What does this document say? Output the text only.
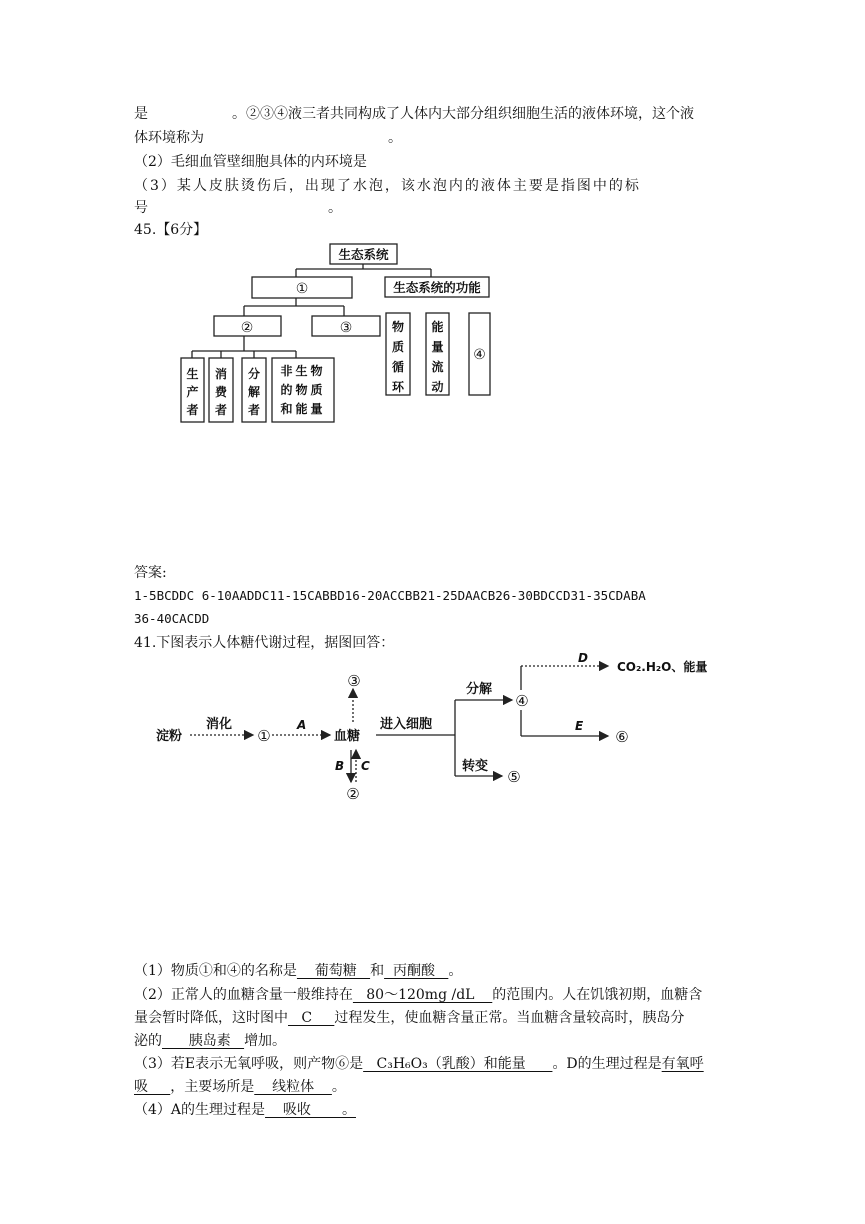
是	。②③④液三者共同构成了人体内大部分组织细胞生活的液体环境，这个液
体环境称为	。
（2）毛细血管壁细胞具体的内环境是
（3）某人皮肤烫伤后，出现了水泡，该水泡内的液体主要是指图中的标
号	。
45.【6分】
生态系统
①	生态系统的功能
②	③
④
生产者
消费者
分解者
非生物的物质和能量
物质循环
能量流动
答案:
1-5BCDDC 6-10AADDC11-15CABBD16-20ACCBB21-25DAACB26-30BDCCD31-35CDABA
36-40CACDD
41.下图表示人体糖代谢过程，据图回答：
淀粉
消化
①
A
血糖
③
B C
②
进入细胞
分解
转变
④
⑤
⑥
D
E
CO₂.H₂O、能量
（1）物质①和④的名称是    葡萄糖   和  丙酮酸   。
（2）正常人的血糖含量一般维持在   80～120mg /dL    的范围内。人在饥饿初期，血糖含
量会暂时降低，这时图中   C     过程发生，使血糖含量正常。当血糖含量较高时，胰岛分
泌的      胰岛素   增加。
（3）若E表示无氧呼吸，则产物⑥是   C₃H₆O₃（乳酸）和能量      。D的生理过程是有氧呼
吸     ，主要场所是    线粒体    。
（4）A的生理过程是    吸收       。
